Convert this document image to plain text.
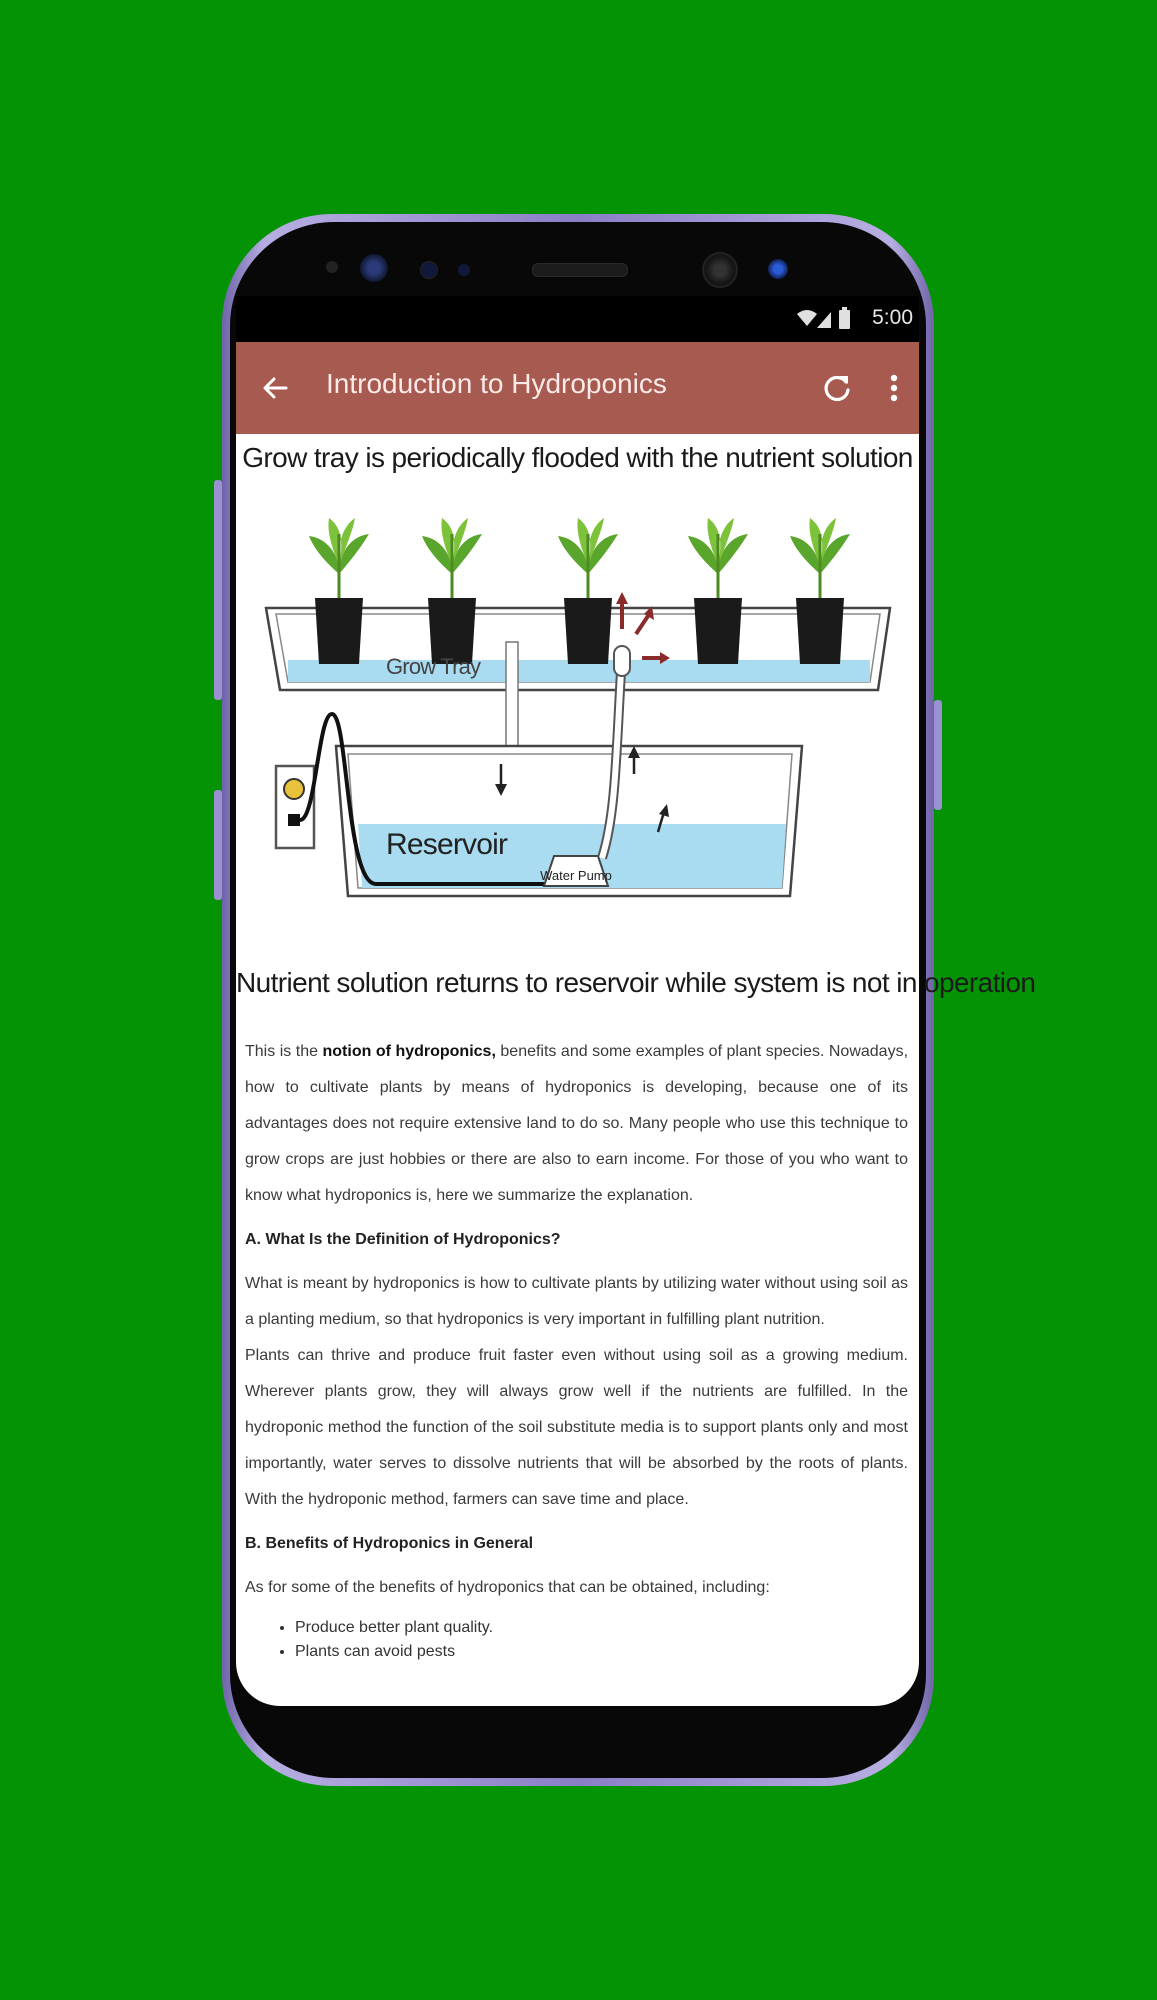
5:00
Introduction to Hydroponics
Grow tray is periodically flooded with the nutrient solution
Water Pump
Grow Tray
Reservoir
Nutrient solution returns to reservoir while system is not in operation

This is the notion of hydroponics, benefits and some examples of plant species. Nowadays, how to cultivate plants by means of hydroponics is developing, because one of its advantages does not require extensive land to do so. Many people who use this technique to grow crops are just hobbies or there are also to earn income. For those of you who want to know what hydroponics is, here we summarize the explanation.

A. What Is the Definition of Hydroponics?

What is meant by hydroponics is how to cultivate plants by utilizing water without using soil as a planting medium, so that hydroponics is very important in fulfilling plant nutrition.

Plants can thrive and produce fruit faster even without using soil as a growing medium. Wherever plants grow, they will always grow well if the nutrients are fulfilled. In the hydroponic method the function of the soil substitute media is to support plants only and most importantly, water serves to dissolve nutrients that will be absorbed by the roots of plants. With the hydroponic method, farmers can save time and place.

B. Benefits of Hydroponics in General

As for some of the benefits of hydroponics that can be obtained, including:

• Produce better plant quality.
• Plants can avoid pests
